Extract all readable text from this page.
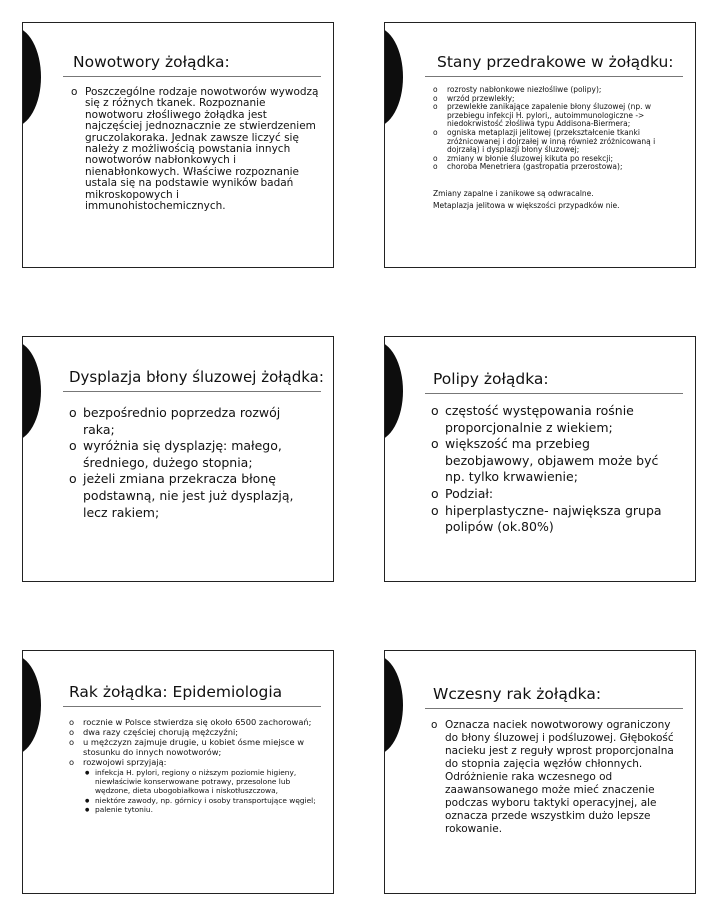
Nowotwory żołądka:
o Poszczególne rodzaje nowotworów wywodzą się z różnych tkanek. Rozpoznanie nowotworu złośliwego żołądka jest najczęściej jednoznacznie ze stwierdzeniem gruczolakoraka. Jednak zawsze liczyć się należy z możliwością powstania innych nowotworów nabłonkowych i nienabłonkowych. Właściwe rozpoznanie ustala się na podstawie wyników badań mikroskopowych i immunohistochemicznych.
Stany przedrakowe w żołądku:
o rozrosty nabłonkowe niezłośliwe (polipy);
o wrzód przewlekły;
o przewlekłe zanikające zapalenie błony śluzowej (np. w przebiegu infekcji H. pylori,, autoimmunologiczne -> niedokrwistość złośliwa typu Addisona-Biermera;
o ogniska metaplazji jelitowej (przekształcenie tkanki zróżnicowanej i dojrzałej w inną również zróżnicowaną i dojrzałą) i dysplazji błony śluzowej;
o zmiany w błonie śluzowej kikuta po resekcji;
o choroba Menetriera (gastropatia przerostowa);
Zmiany zapalne i zanikowe są odwracalne.
Metaplazja jelitowa w większości przypadków nie.
Dysplazja błony śluzowej żołądka:
o bezpośrednio poprzedza rozwój raka;
o wyróżnia się dysplazję: małego, średniego, dużego stopnia;
o jeżeli zmiana przekracza błonę podstawną, nie jest już dysplazją, lecz rakiem;
Polipy żołądka:
o częstość występowania rośnie proporcjonalnie z wiekiem;
o większość ma przebieg bezobjawowy, objawem może być np. tylko krwawienie;
o Podział:
o hiperplastyczne- największa grupa polipów (ok.80%)
Rak żołądka: Epidemiologia
o rocznie w Polsce stwierdza się około 6500 zachorowań;
o dwa razy częściej chorują mężczyźni;
o u mężczyzn zajmuje drugie, u kobiet ósme miejsce w stosunku do innych nowotworów;
o rozwojowi sprzyjają:
● infekcja H. pylori, regiony o niższym poziomie higieny, niewłaściwie konserwowane potrawy, przesolone lub wędzone, dieta ubogobiałkowa i niskotłuszczowa,
● niektóre zawody, np. górnicy i osoby transportujące węgiel;
● palenie tytoniu.
Wczesny rak żołądka:
o Oznacza naciek nowotworowy ograniczony do błony śluzowej i podśluzowej. Głębokość nacieku jest z reguły wprost proporcjonalna do stopnia zajęcia węzłów chłonnych. Odróżnienie raka wczesnego od zaawansowanego może mieć znaczenie podczas wyboru taktyki operacyjnej, ale oznacza przede wszystkim dużo lepsze rokowanie.
